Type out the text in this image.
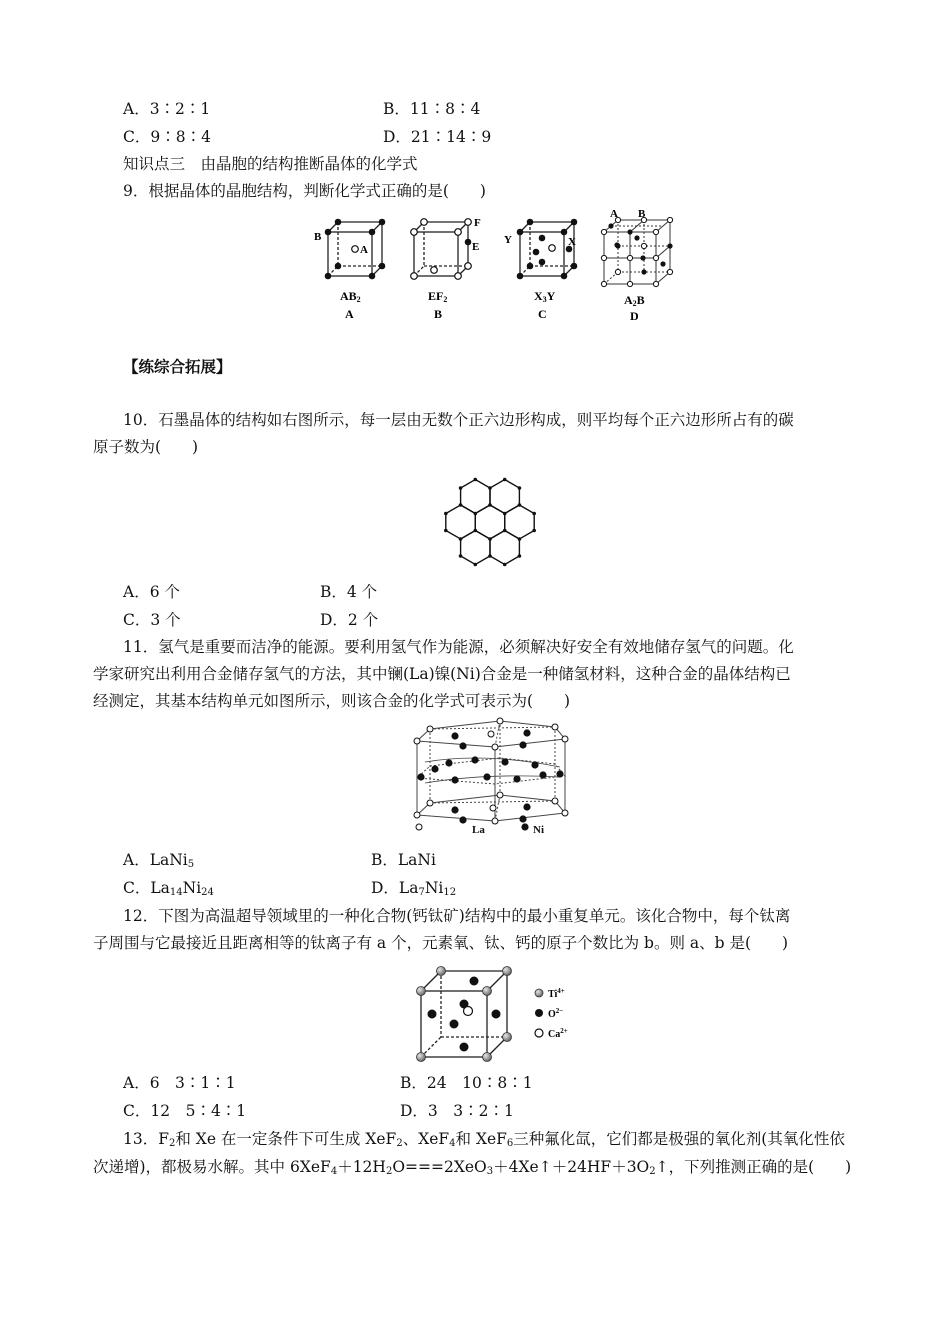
A．3∶2∶1	B．11∶8∶4
C．9∶8∶4	D．21∶14∶9
知识点三　由晶胞的结构推断晶体的化学式
9．根据晶体的晶胞结构，判断化学式正确的是(　　)
B
A
AB2
A
F
E
EF2
B
Y	X
X3Y
C
A B
A2B
D
【练综合拓展】
10．石墨晶体的结构如右图所示，每一层由无数个正六边形构成，则平均每个正六边形所占有的碳
原子数为(　　)
A．6 个	B．4 个
C．3 个	D．2 个
11．氢气是重要而洁净的能源。要利用氢气作为能源，必须解决好安全有效地储存氢气的问题。化
学家研究出利用合金储存氢气的方法，其中镧(La)镍(Ni)合金是一种储氢材料，这种合金的晶体结构已
经测定，其基本结构单元如图所示，则该合金的化学式可表示为(　　)
.
La	Ni
A．LaNi$_5$	B．LaNi
C．$La_{14}Ni_{24}$	D．$La_7Ni_{12}$
12．下图为高温超导领域里的一种化合物(钙钛矿)结构中的最小重复单元。该化合物中，每个钛离
子周围与它最接近且距离相等的钛离子有 a 个，元素氧、钛、钙的原子个数比为 b。则 a、b 是(　　)
$Ti^{4+}$
$O^{2-}$
$Ca^{2+}$
A．6　3∶1∶1	B．24　10∶8∶1
C．12　5∶4∶1	D．3　3∶2∶1
13．$F_2$和 Xe 在一定条件下可生成 XeF$_2$、XeF$_4$和 XeF$_6$三种氟化氙，它们都是极强的氧化剂(其氧化性依
次递增)，都极易水解。其中 $6XeF_4+12H_2O===2XeO_3+4Xe↑+24HF+3O_2↑$，下列推测正确的是(　　)
